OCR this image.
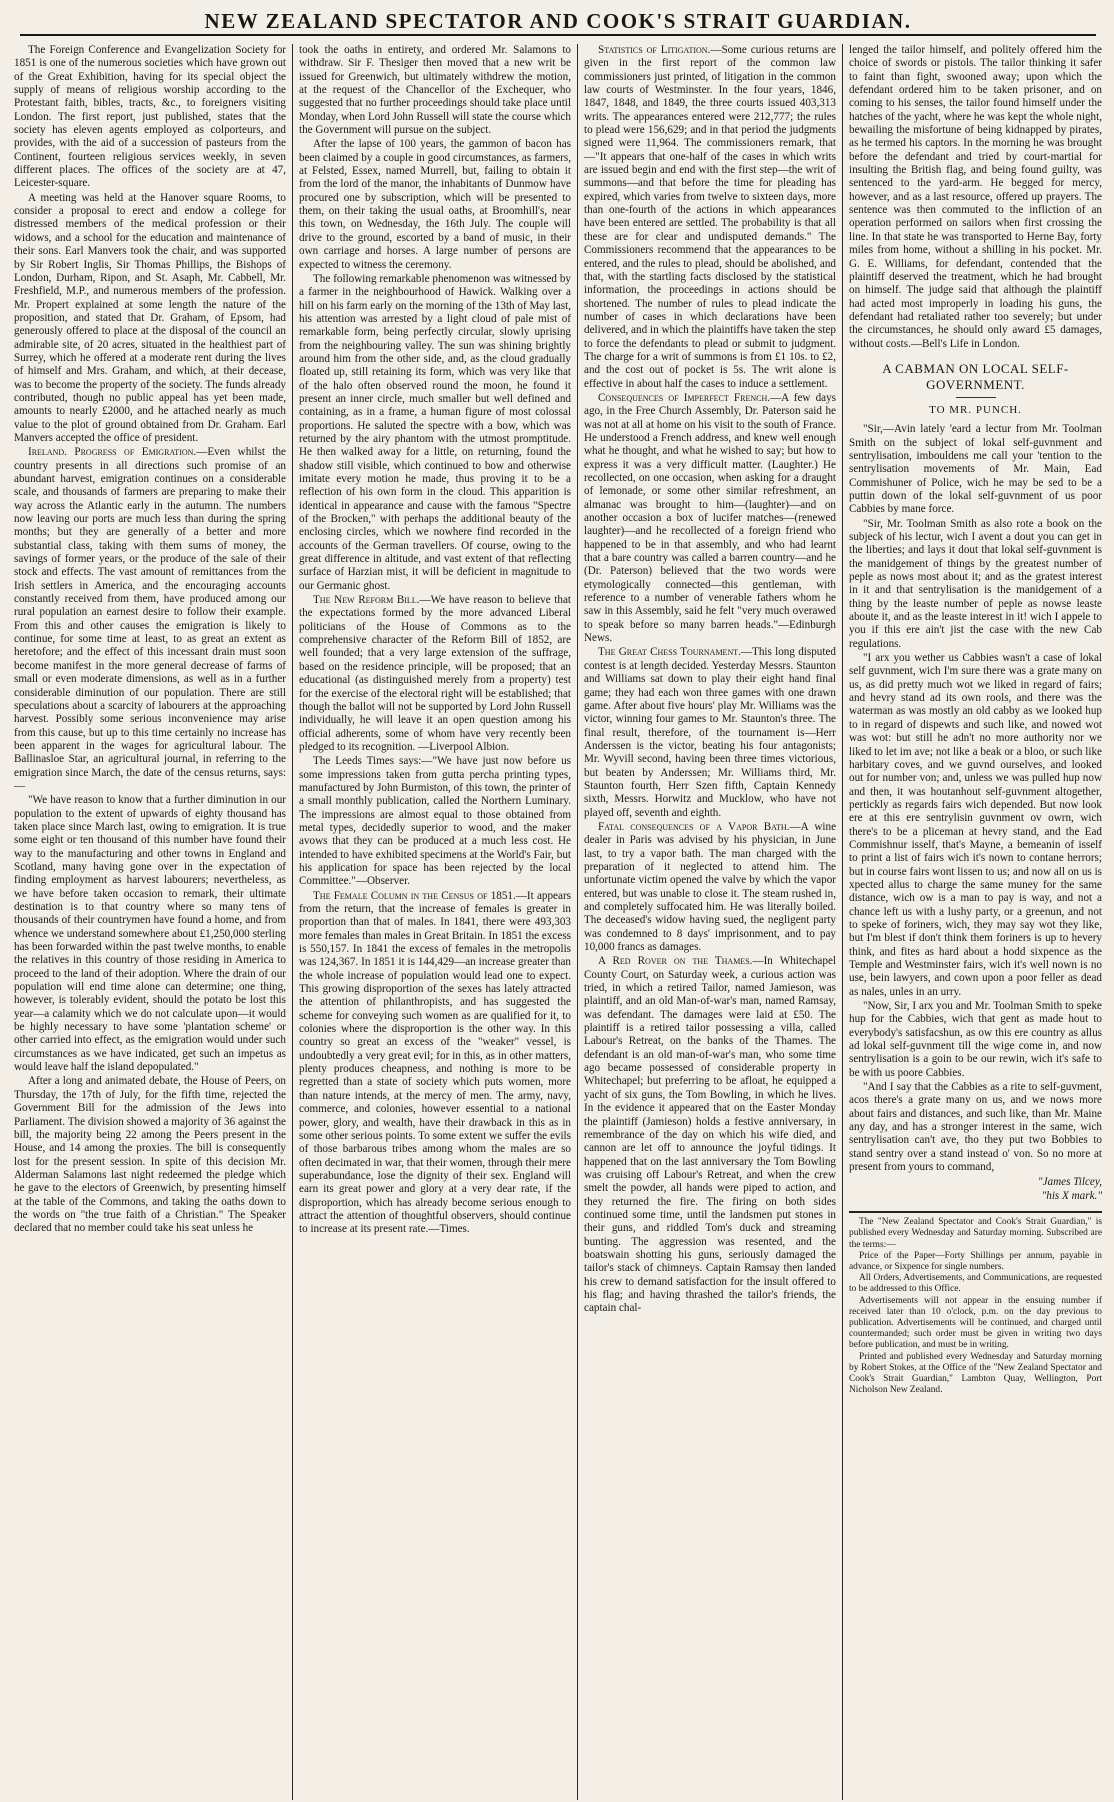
NEW ZEALAND SPECTATOR AND COOK'S STRAIT GUARDIAN.

The Foreign Conference and Evangelization Society for 1851 is one of the numerous societies which have grown out of the Great Exhibition, having for its special object the supply of means of religious worship according to the Protestant faith, bibles, tracts, &c., to foreigners visiting London. The first report, just published, states that the society has eleven agents employed as colporteurs, and provides, with the aid of a succession of pasteurs from the Continent, fourteen religious services weekly, in seven different places. The offices of the society are at 47, Leicester-square.

A meeting was held at the Hanover square Rooms, to consider a proposal to erect and endow a college for distressed members of the medical profession or their widows, and a school for the education and maintenance of their sons. Earl Manvers took the chair, and was supported by Sir Robert Inglis, Sir Thomas Phillips, the Bishops of London, Durham, Ripon, and St. Asaph, Mr. Cabbell, Mr. Freshfield, M.P., and numerous members of the profession. Mr. Propert explained at some length the nature of the proposition, and stated that Dr. Graham, of Epsom, had generously offered to place at the disposal of the council an admirable site, of 20 acres, situated in the healthiest part of Surrey, which he offered at a moderate rent during the lives of himself and Mrs. Graham, and which, at their decease, was to become the property of the society. The funds already contributed, though no public appeal has yet been made, amounts to nearly £2000, and he attached nearly as much value to the plot of ground obtained from Dr. Graham. Earl Manvers accepted the office of president.

Ireland. Progress of Emigration.—Even whilst the country presents in all directions such promise of an abundant harvest, emigration continues on a considerable scale, and thousands of farmers are preparing to make their way across the Atlantic early in the autumn. The numbers now leaving our ports are much less than during the spring months; but they are generally of a better and more substantial class, taking with them sums of money, the savings of former years, or the produce of the sale of their stock and effects. The vast amount of remittances from the Irish settlers in America, and the encouraging accounts constantly received from them, have produced among our rural population an earnest desire to follow their example. From this and other causes the emigration is likely to continue, for some time at least, to as great an extent as heretofore; and the effect of this incessant drain must soon become manifest in the more general decrease of farms of small or even moderate dimensions, as well as in a further considerable diminution of our population. There are still speculations about a scarcity of labourers at the approaching harvest. Possibly some serious inconvenience may arise from this cause, but up to this time certainly no increase has been apparent in the wages for agricultural labour. The Ballinasloe Star, an agricultural journal, in referring to the emigration since March, the date of the census returns, says:—

"We have reason to know that a further diminution in our population to the extent of upwards of eighty thousand has taken place since March last, owing to emigration. It is true some eight or ten thousand of this number have found their way to the manufacturing and other towns in England and Scotland, many having gone over in the expectation of finding employment as harvest labourers; nevertheless, as we have before taken occasion to remark, their ultimate destination is to that country where so many tens of thousands of their countrymen have found a home, and from whence we understand somewhere about £1,250,000 sterling has been forwarded within the past twelve months, to enable the relatives in this country of those residing in America to proceed to the land of their adoption. Where the drain of our population will end time alone can determine; one thing, however, is tolerably evident, should the potato be lost this year—a calamity which we do not calculate upon—it would be highly necessary to have some 'plantation scheme' or other carried into effect, as the emigration would under such circumstances as we have indicated, get such an impetus as would leave half the island depopulated."

After a long and animated debate, the House of Peers, on Thursday, the 17th of July, for the fifth time, rejected the Government Bill for the admission of the Jews into Parliament. The division showed a majority of 36 against the bill, the majority being 22 among the Peers present in the House, and 14 among the proxies. The bill is consequently lost for the present session. In spite of this decision Mr. Alderman Salamons last night redeemed the pledge which he gave to the electors of Greenwich, by presenting himself at the table of the Commons, and taking the oaths down to the words on "the true faith of a Christian." The Speaker declared that no member could take his seat unless he

took the oaths in entirety, and ordered Mr. Salamons to withdraw. Sir F. Thesiger then moved that a new writ be issued for Greenwich, but ultimately withdrew the motion, at the request of the Chancellor of the Exchequer, who suggested that no further proceedings should take place until Monday, when Lord John Russell will state the course which the Government will pursue on the subject.

After the lapse of 100 years, the gammon of bacon has been claimed by a couple in good circumstances, as farmers, at Felsted, Essex, named Murrell, but, failing to obtain it from the lord of the manor, the inhabitants of Dunmow have procured one by subscription, which will be presented to them, on their taking the usual oaths, at Broomhill's, near this town, on Wednesday, the 16th July. The couple will drive to the ground, escorted by a band of music, in their own carriage and horses. A large number of persons are expected to witness the ceremony.

The following remarkable phenomenon was witnessed by a farmer in the neighbourhood of Hawick. Walking over a hill on his farm early on the morning of the 13th of May last, his attention was arrested by a light cloud of pale mist of remarkable form, being perfectly circular, slowly uprising from the neighbouring valley. The sun was shining brightly around him from the other side, and, as the cloud gradually floated up, still retaining its form, which was very like that of the halo often observed round the moon, he found it present an inner circle, much smaller but well defined and containing, as in a frame, a human figure of most colossal proportions. He saluted the spectre with a bow, which was returned by the airy phantom with the utmost promptitude. He then walked away for a little, on returning, found the shadow still visible, which continued to bow and otherwise imitate every motion he made, thus proving it to be a reflection of his own form in the cloud. This apparition is identical in appearance and cause with the famous "Spectre of the Brocken," with perhaps the additional beauty of the enclosing circles, which we nowhere find recorded in the accounts of the German travellers. Of course, owing to the great difference in altitude, and vast extent of that reflecting surface of Harzian mist, it will be deficient in magnitude to our Germanic ghost.

The New Reform Bill.—We have reason to believe that the expectations formed by the more advanced Liberal politicians of the House of Commons as to the comprehensive character of the Reform Bill of 1852, are well founded; that a very large extension of the suffrage, based on the residence principle, will be proposed; that an educational (as distinguished merely from a property) test for the exercise of the electoral right will be established; that though the ballot will not be supported by Lord John Russell individually, he will leave it an open question among his official adherents, some of whom have very recently been pledged to its recognition. —Liverpool Albion.

The Leeds Times says:—"We have just now before us some impressions taken from gutta percha printing types, manufactured by John Burmiston, of this town, the printer of a small monthly publication, called the Northern Luminary. The impressions are almost equal to those obtained from metal types, decidedly superior to wood, and the maker avows that they can be produced at a much less cost. He intended to have exhibited specimens at the World's Fair, but his application for space has been rejected by the local Committee."—Observer.

The Female Column in the Census of 1851.—It appears from the return, that the increase of females is greater in proportion than that of males. In 1841, there were 493,303 more females than males in Great Britain. In 1851 the excess is 550,157. In 1841 the excess of females in the metropolis was 124,367. In 1851 it is 144,429—an increase greater than the whole increase of population would lead one to expect. This growing disproportion of the sexes has lately attracted the attention of philanthropists, and has suggested the scheme for conveying such women as are qualified for it, to colonies where the disproportion is the other way. In this country so great an excess of the "weaker" vessel, is undoubtedly a very great evil; for in this, as in other matters, plenty produces cheapness, and nothing is more to be regretted than a state of society which puts women, more than nature intends, at the mercy of men. The army, navy, commerce, and colonies, however essential to a national power, glory, and wealth, have their drawback in this as in some other serious points. To some extent we suffer the evils of those barbarous tribes among whom the males are so often decimated in war, that their women, through their mere superabundance, lose the dignity of their sex. England will earn its great power and glory at a very dear rate, if the disproportion, which has already become serious enough to attract the attention of thoughtful observers, should continue to increase at its present rate.—Times.

Statistics of Litigation.—Some curious returns are given in the first report of the common law commissioners just printed, of litigation in the common law courts of Westminster. In the four years, 1846, 1847, 1848, and 1849, the three courts issued 403,313 writs. The appearances entered were 212,777; the rules to plead were 156,629; and in that period the judgments signed were 11,964. The commissioners remark, that—"It appears that one-half of the cases in which writs are issued begin and end with the first step—the writ of summons—and that before the time for pleading has expired, which varies from twelve to sixteen days, more than one-fourth of the actions in which appearances have been entered are settled. The probability is that all these are for clear and undisputed demands." The Commissioners recommend that the appearances to be entered, and the rules to plead, should be abolished, and that, with the startling facts disclosed by the statistical information, the proceedings in actions should be shortened. The number of rules to plead indicate the number of cases in which declarations have been delivered, and in which the plaintiffs have taken the step to force the defendants to plead or submit to judgment. The charge for a writ of summons is from £1 10s. to £2, and the cost out of pocket is 5s. The writ alone is effective in about half the cases to induce a settlement.

Consequences of Imperfect French.—A few days ago, in the Free Church Assembly, Dr. Paterson said he was not at all at home on his visit to the south of France. He understood a French address, and knew well enough what he thought, and what he wished to say; but how to express it was a very difficult matter. (Laughter.) He recollected, on one occasion, when asking for a draught of lemonade, or some other similar refreshment, an almanac was brought to him—(laughter)—and on another occasion a box of lucifer matches—(renewed laughter)—and he recollected of a foreign friend who happened to be in that assembly, and who had learnt that a bare country was called a barren country—and he (Dr. Paterson) believed that the two words were etymologically connected—this gentleman, with reference to a number of venerable fathers whom he saw in this Assembly, said he felt "very much overawed to speak before so many barren heads."—Edinburgh News.

The Great Chess Tournament.—This long disputed contest is at length decided. Yesterday Messrs. Staunton and Williams sat down to play their eight hand final game; they had each won three games with one drawn game. After about five hours' play Mr. Williams was the victor, winning four games to Mr. Staunton's three. The final result, therefore, of the tournament is—Herr Anderssen is the victor, beating his four antagonists; Mr. Wyvill second, having been three times victorious, but beaten by Anderssen; Mr. Williams third, Mr. Staunton fourth, Herr Szen fifth, Captain Kennedy sixth, Messrs. Horwitz and Mucklow, who have not played off, seventh and eighth.

Fatal consequences of a Vapor Bath.—A wine dealer in Paris was advised by his physician, in June last, to try a vapor bath. The man charged with the preparation of it neglected to attend him. The unfortunate victim opened the valve by which the vapor entered, but was unable to close it. The steam rushed in, and completely suffocated him. He was literally boiled. The deceased's widow having sued, the negligent party was condemned to 8 days' imprisonment, and to pay 10,000 francs as damages.

A Red Rover on the Thames.—In Whitechapel County Court, on Saturday week, a curious action was tried, in which a retired Tailor, named Jamieson, was plaintiff, and an old Man-of-war's man, named Ramsay, was defendant. The damages were laid at £50. The plaintiff is a retired tailor possessing a villa, called Labour's Retreat, on the banks of the Thames. The defendant is an old man-of-war's man, who some time ago became possessed of considerable property in Whitechapel; but preferring to be afloat, he equipped a yacht of six guns, the Tom Bowling, in which he lives. In the evidence it appeared that on the Easter Monday the plaintiff (Jamieson) holds a festive anniversary, in remembrance of the day on which his wife died, and cannon are let off to announce the joyful tidings. It happened that on the last anniversary the Tom Bowling was cruising off Labour's Retreat, and when the crew smelt the powder, all hands were piped to action, and they returned the fire. The firing on both sides continued some time, until the landsmen put stones in their guns, and riddled Tom's duck and streaming bunting. The aggression was resented, and the boatswain shotting his guns, seriously damaged the tailor's stack of chimneys. Captain Ramsay then landed his crew to demand satisfaction for the insult offered to his flag; and having thrashed the tailor's friends, the captain chal-

lenged the tailor himself, and politely offered him the choice of swords or pistols. The tailor thinking it safer to faint than fight, swooned away; upon which the defendant ordered him to be taken prisoner, and on coming to his senses, the tailor found himself under the hatches of the yacht, where he was kept the whole night, bewailing the misfortune of being kidnapped by pirates, as he termed his captors. In the morning he was brought before the defendant and tried by court-martial for insulting the British flag, and being found guilty, was sentenced to the yard-arm. He begged for mercy, however, and as a last resource, offered up prayers. The sentence was then commuted to the infliction of an operation performed on sailors when first crossing the line. In that state he was transported to Herne Bay, forty miles from home, without a shilling in his pocket. Mr. G. E. Williams, for defendant, contended that the plaintiff deserved the treatment, which he had brought on himself. The judge said that although the plaintiff had acted most improperly in loading his guns, the defendant had retaliated rather too severely; but under the circumstances, he should only award £5 damages, without costs.—Bell's Life in London.

A CABMAN ON LOCAL SELF-GOVERNMENT.
TO MR. PUNCH.

"Sir,—Avin lately 'eard a lectur from Mr. Toolman Smith on the subject of lokal self-guvnment and sentrylisation, imbouldens me call your 'tention to the sentrylisation movements of Mr. Main, Ead Commishuner of Police, wich he may be sed to be a puttin down of the lokal self-guvnment of us poor Cabbies by mane force.

"Sir, Mr. Toolman Smith as also rote a book on the subjeck of his lectur, wich I avent a dout you can get in the liberties; and lays it dout that lokal self-guvnment is the manidgement of things by the greatest number of peple as nows most about it; and as the gratest interest in it and that sentrylisation is the manidgement of a thing by the leaste number of peple as nowse leaste aboute it, and as the leaste interest in it! wich I appele to you if this ere ain't jist the case with the new Cab regulations.

"I arx you wether us Cabbies wasn't a case of lokal self guvnment, wich I'm sure there was a grate many on us, as did pretty much wot we liked in regard of fairs; and hevry stand ad its own rools, and there was the waterman as was mostly an old cabby as we looked hup to in regard of dispewts and such like, and nowed wot was wot: but still he adn't no more authority nor we liked to let im ave; not like a beak or a bloo, or such like harbitary coves, and we guvnd ourselves, and looked out for number von; and, unless we was pulled hup now and then, it was houtanhout self-guvnment altogether, pertickly as regards fairs wich depended. But now look ere at this ere sentrylisin guvnment ov owrn, wich there's to be a pliceman at hevry stand, and the Ead Commishnur isself, that's Mayne, a bemeanin of isself to print a list of fairs wich it's nown to contane herrors; but in course fairs wont lissen to us; and now all on us is xpected allus to charge the same muney for the same distance, wich ow is a man to pay is way, and not a chance left us with a lushy party, or a greenun, and not to speke of foriners, wich, they may say wot they like, but I'm blest if don't think them foriners is up to hevery think, and fites as hard about a hodd sixpence as the Temple and Westminster fairs, wich it's well nown is no use, bein lawyers, and cown upon a poor feller as dead as nales, unles in an urry.

"Now, Sir, I arx you and Mr. Toolman Smith to speke hup for the Cabbies, wich that gent as made hout to everybody's satisfacshun, as ow this ere country as allus ad lokal self-guvnment till the wige come in, and now sentrylisation is a goin to be our rewin, wich it's safe to be with us poore Cabbies.

"And I say that the Cabbies as a rite to self-guvment, acos there's a grate many on us, and we nows more about fairs and distances, and such like, than Mr. Maine any day, and has a stronger interest in the same, wich sentrylisation can't ave, tho they put two Bobbies to stand sentry over a stand instead o' von. So no more at present from yours to command,

"James Tilcey,

"his X mark."

The "New Zealand Spectator and Cook's Strait Guardian," is published every Wednesday and Saturday morning. Subscribed are the terms:—

Price of the Paper—Forty Shillings per annum, payable in advance, or Sixpence for single numbers.

All Orders, Advertisements, and Communications, are requested to be addressed to this Office.

Advertisements will not appear in the ensuing number if received later than 10 o'clock, p.m. on the day previous to publication. Advertisements will be continued, and charged until countermanded; such order must be given in writing two days before publication, and must be in writing.

Printed and published every Wednesday and Saturday morning by Robert Stokes, at the Office of the "New Zealand Spectator and Cook's Strait Guardian," Lambton Quay, Wellington, Port Nicholson New Zealand.
